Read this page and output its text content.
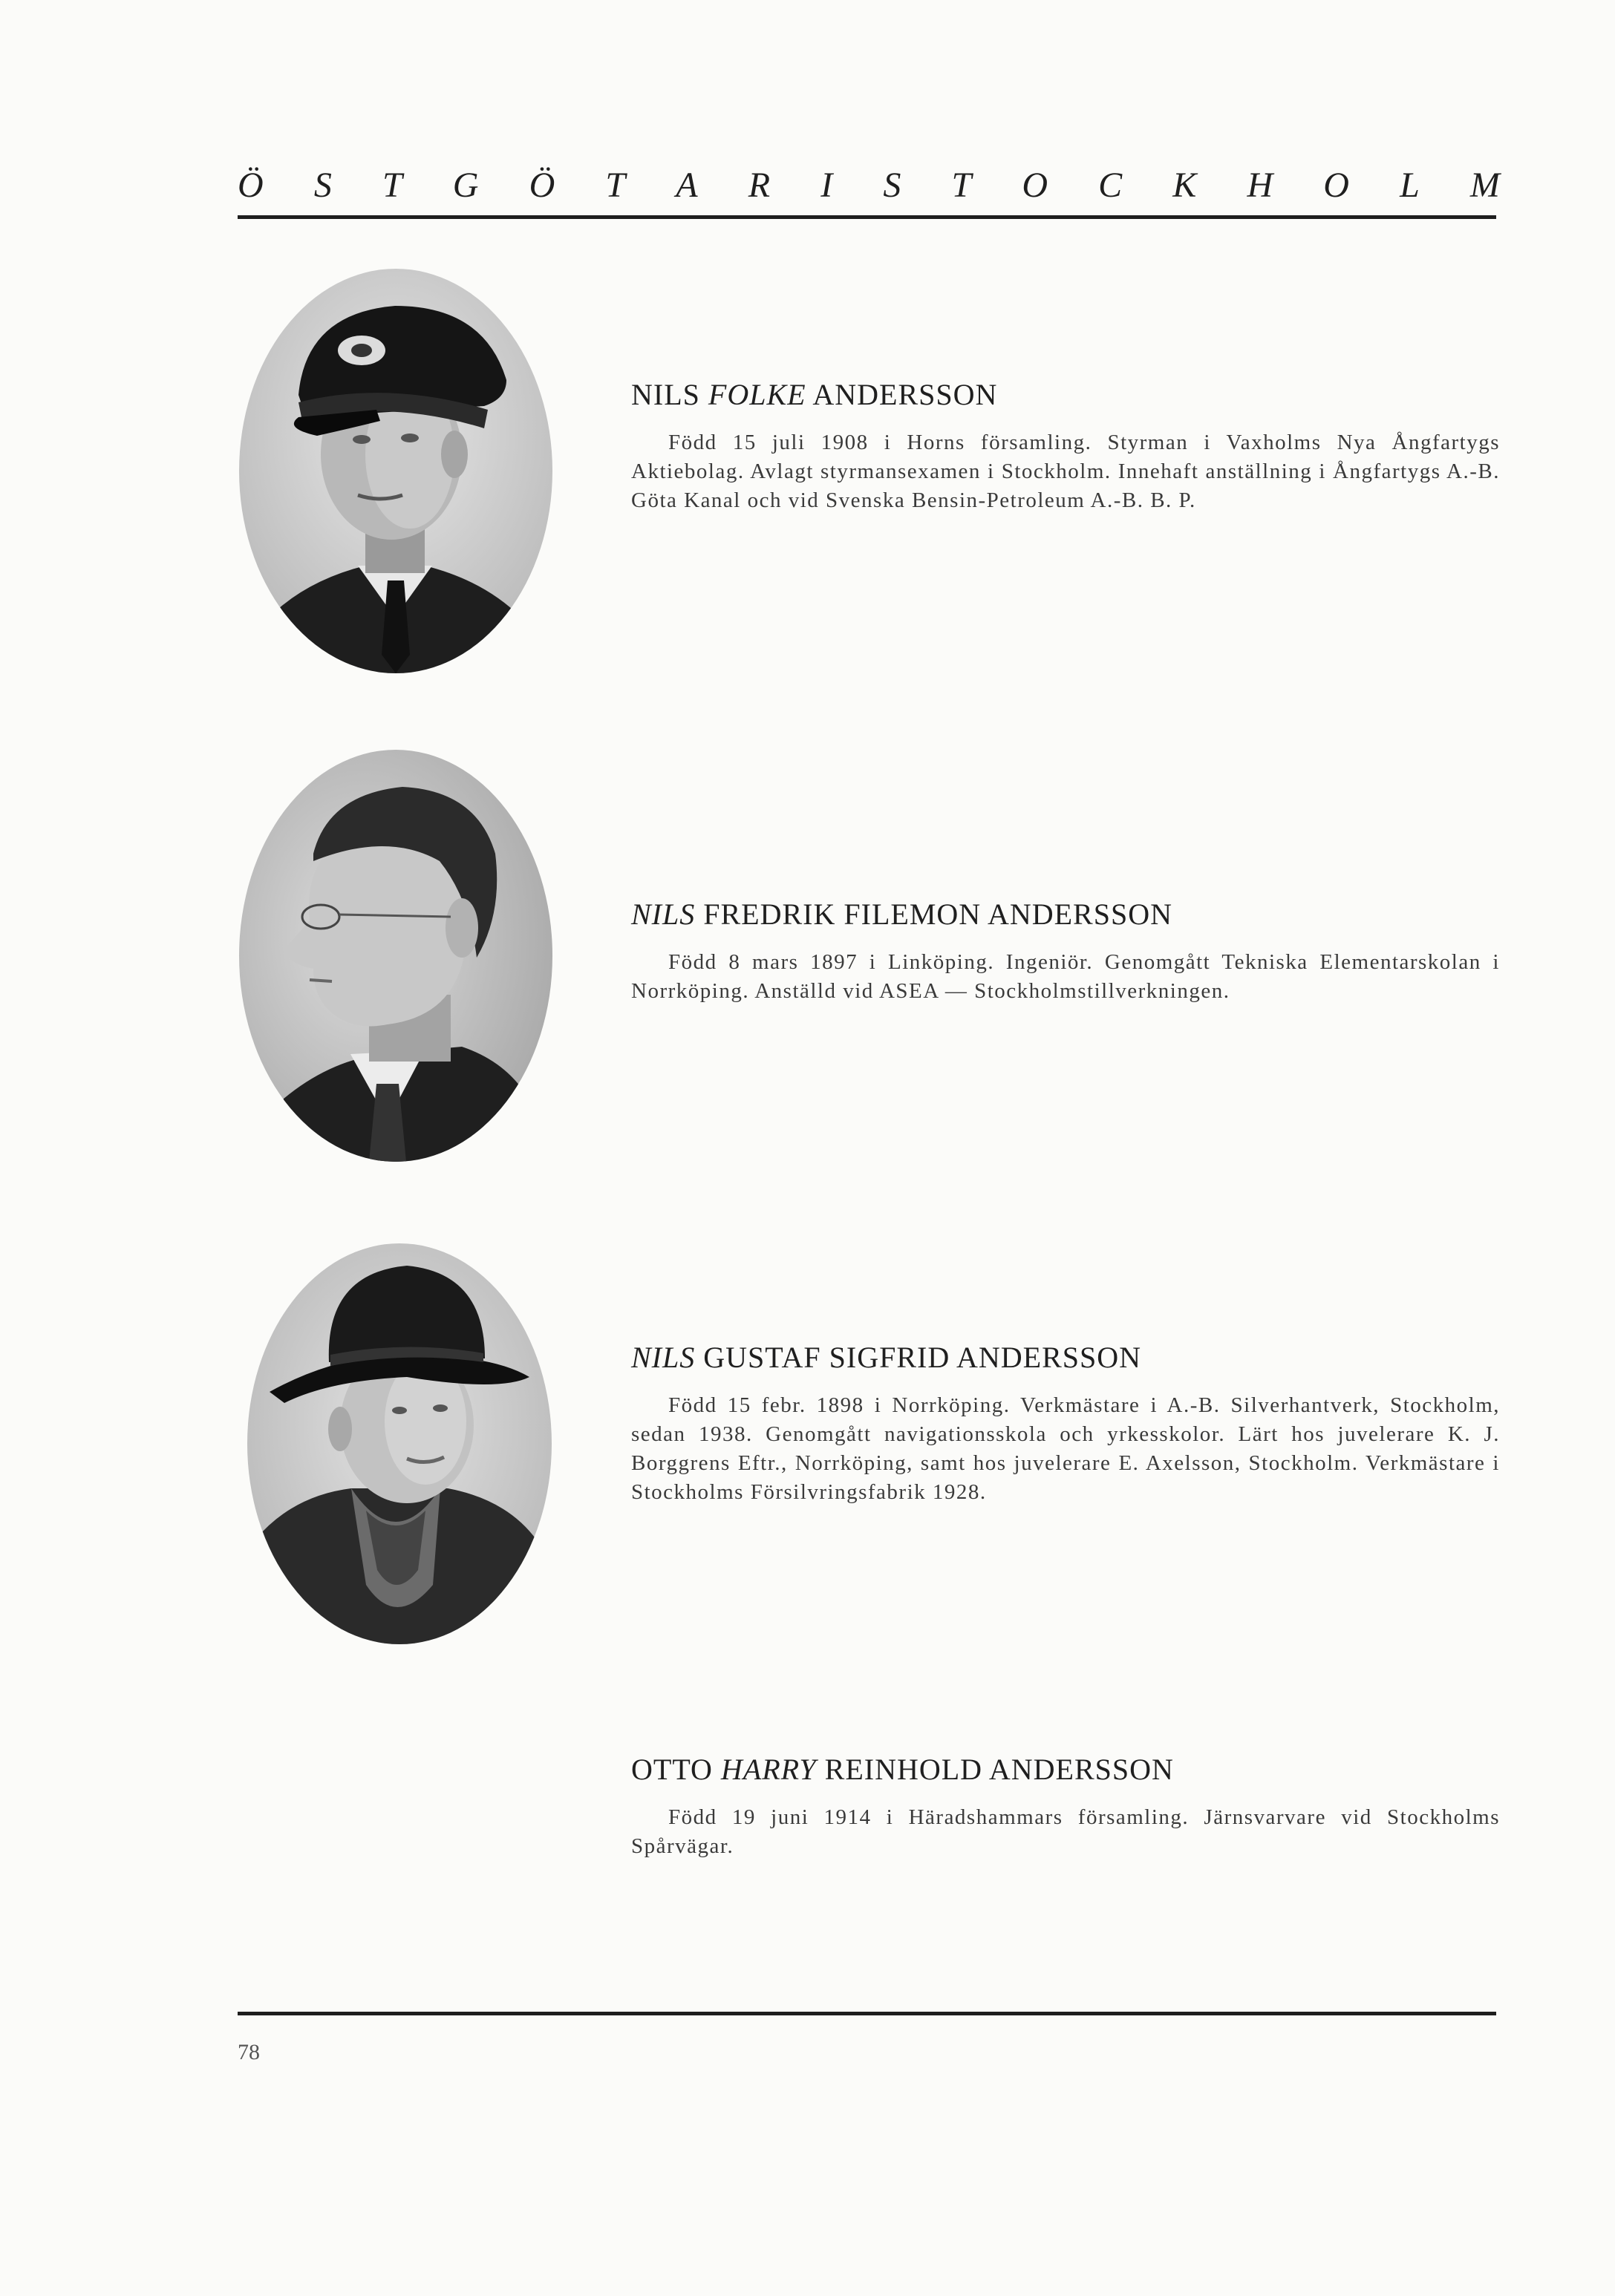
Ö S T G Ö T A R I S T O C K H O L M
NILS FOLKE ANDERSSON

Född 15 juli 1908 i Horns församling. Styrman i Vaxholms Nya Ångfartygs Aktiebolag. Avlagt styrmansexamen i Stockholm. Innehaft anställning i Ångfartygs A.-B. Göta Kanal och vid Svenska Bensin-Petroleum A.-B. B. P.

NILS FREDRIK FILEMON ANDERSSON

Född 8 mars 1897 i Linköping. Ingeniör. Genomgått Tekniska Elementarskolan i Norrköping. Anställd vid ASEA — Stockholmstillverkningen.

NILS GUSTAF SIGFRID ANDERSSON

Född 15 febr. 1898 i Norrköping. Verkmästare i A.-B. Silverhantverk, Stockholm, sedan 1938. Genomgått navigationsskola och yrkesskolor. Lärt hos juvelerare K. J. Borggrens Eftr., Norrköping, samt hos juvelerare E. Axelsson, Stockholm. Verkmästare i Stockholms Försilvringsfabrik 1928.

OTTO HARRY REINHOLD ANDERSSON

Född 19 juni 1914 i Häradshammars församling. Järnsvarvare vid Stockholms Spårvägar.

78
